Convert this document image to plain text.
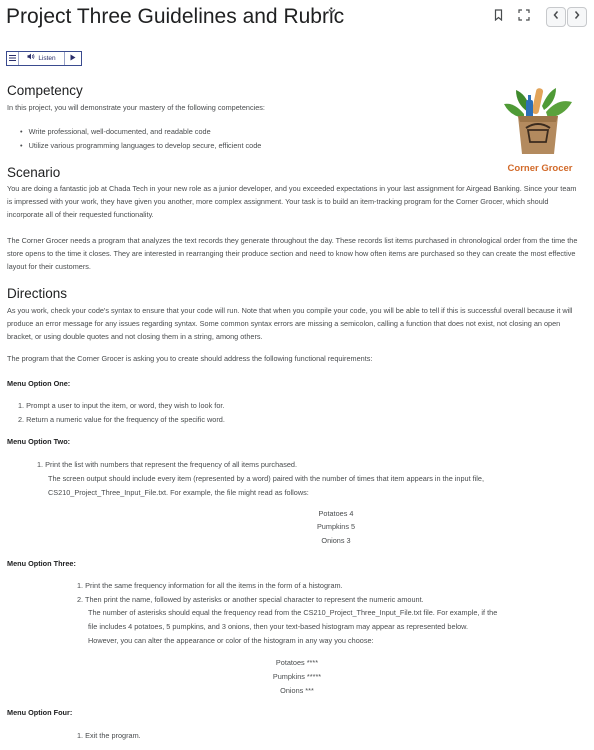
Project Three Guidelines and Rubric
Listen
Corner Grocer
Competency
In this project, you will demonstrate your mastery of the following competencies:
•   Write professional, well-documented, and readable code
•   Utilize various programming languages to develop secure, efficient code
Scenario
You are doing a fantastic job at Chada Tech in your new role as a junior developer, and you exceeded expectations in your last assignment for Airgead Banking. Since your team is impressed with your work, they have given you another, more complex assignment. Your task is to build an item-tracking program for the Corner Grocer, which should incorporate all of their requested functionality.
The Corner Grocer needs a program that analyzes the text records they generate throughout the day. These records list items purchased in chronological order from the time the store opens to the time it closes. They are interested in rearranging their produce section and need to know how often items are purchased so they can create the most effective layout for their customers.
Directions
As you work, check your code's syntax to ensure that your code will run. Note that when you compile your code, you will be able to tell if this is successful overall because it will produce an error message for any issues regarding syntax. Some common syntax errors are missing a semicolon, calling a function that does not exist, not closing an open bracket, or using double quotes and not closing them in a string, among others.
The program that the Corner Grocer is asking you to create should address the following functional requirements:
Menu Option One:
1. Prompt a user to input the item, or word, they wish to look for.
2. Return a numeric value for the frequency of the specific word.
Menu Option Two:
1. Print the list with numbers that represent the frequency of all items purchased.
The screen output should include every item (represented by a word) paired with the number of times that item appears in the input file,
CS210_Project_Three_Input_File.txt. For example, the file might read as follows:
Potatoes 4
Pumpkins 5
Onions 3
Menu Option Three:
1. Print the same frequency information for all the items in the form of a histogram.
2. Then print the name, followed by asterisks or another special character to represent the numeric amount.
The number of asterisks should equal the frequency read from the CS210_Project_Three_Input_File.txt file. For example, if the
file includes 4 potatoes, 5 pumpkins, and 3 onions, then your text-based histogram may appear as represented below.
However, you can alter the appearance or color of the histogram in any way you choose:
Potatoes ****
Pumpkins *****
Onions ***
Menu Option Four:
1. Exit the program.
